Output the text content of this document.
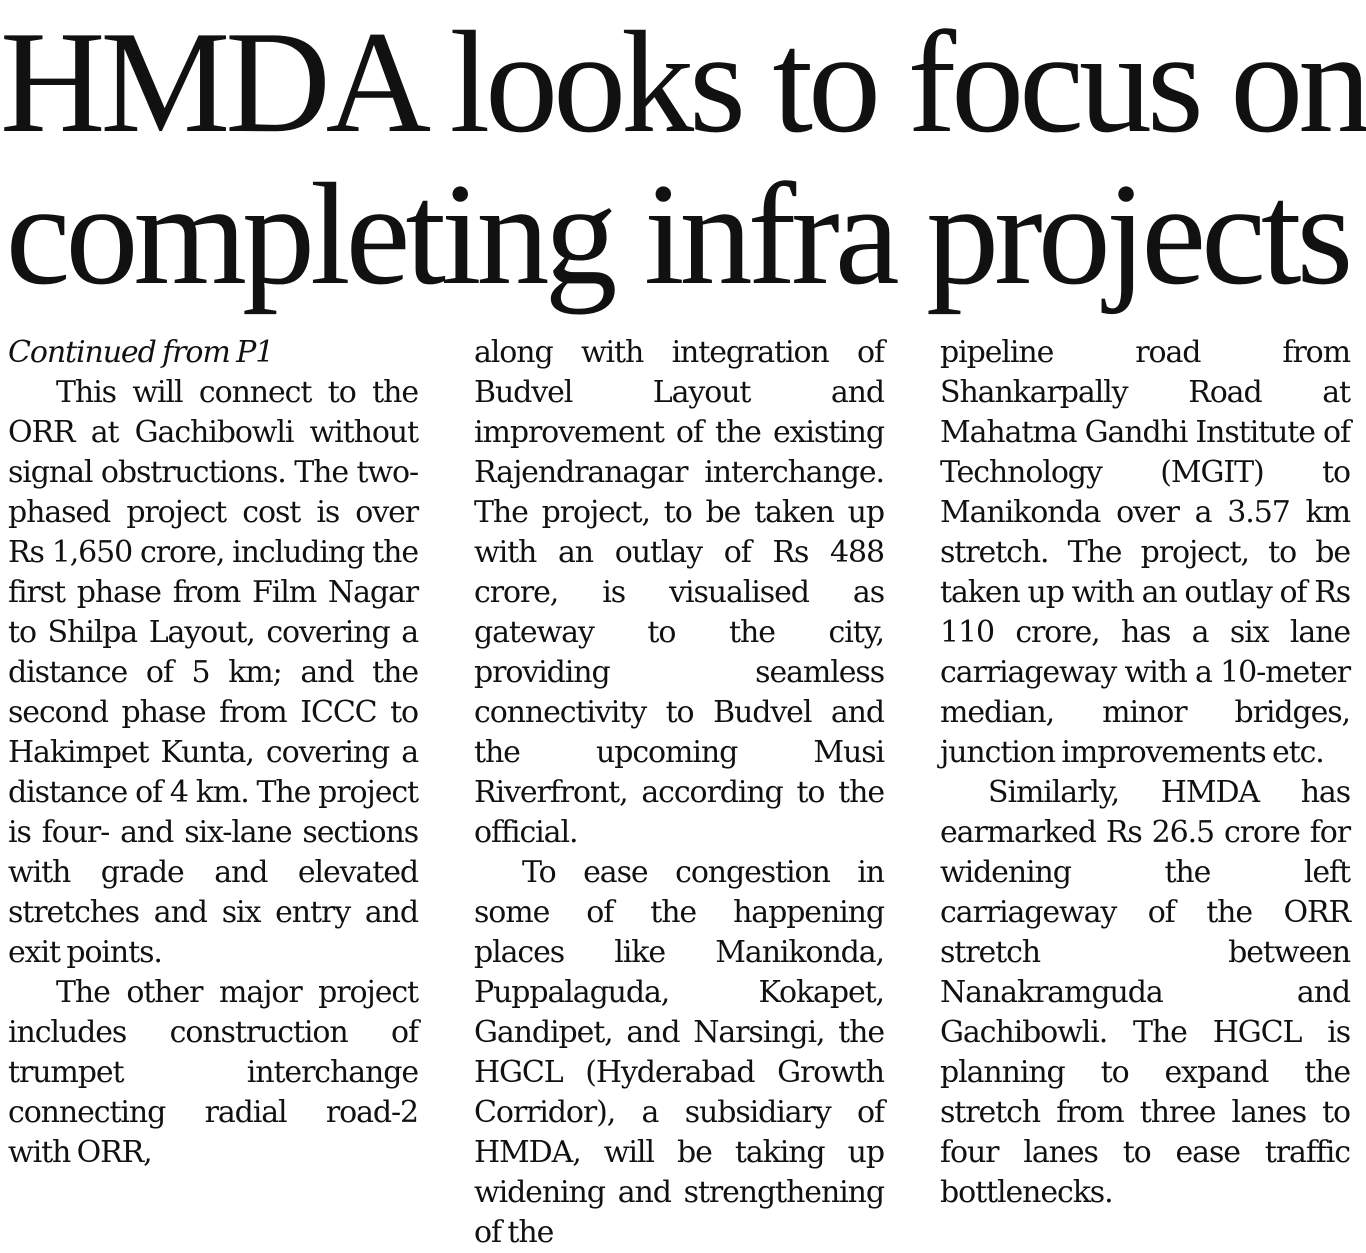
HMDA looks to focus on
completing infra projects
Continued from P1

This will connect to the ORR at Gachibowli without signal obstructions. The two-phased project cost is over Rs 1,650 crore, including the first phase from Film Nagar to Shilpa Layout, covering a distance of 5 km; and the second phase from ICCC to Hakimpet Kunta, covering a distance of 4 km. The project is four- and six-lane sections with grade and elevated stretches and six entry and exit points.

The other major project includes construction of trumpet interchange connecting radial road-2 with ORR,

along with integration of Budvel Layout and improvement of the existing Rajendranagar interchange. The project, to be taken up with an outlay of Rs 488 crore, is visualised as gateway to the city, providing seamless connectivity to Budvel and the upcoming Musi Riverfront, according to the official.

To ease congestion in some of the happening places like Manikonda, Puppalaguda, Kokapet, Gandipet, and Narsingi, the HGCL (Hyderabad Growth Corridor), a subsidiary of HMDA, will be taking up widening and strengthening of the

pipeline road from Shankarpally Road at Mahatma Gandhi Institute of Technology (MGIT) to Manikonda over a 3.57 km stretch. The project, to be taken up with an outlay of Rs 110 crore, has a six lane carriageway with a 10-meter median, minor bridges, junction improvements etc.

Similarly, HMDA has earmarked Rs 26.5 crore for widening the left carriageway of the ORR stretch between Nanakramguda and Gachibowli. The HGCL is planning to expand the stretch from three lanes to four lanes to ease traffic bottlenecks.
